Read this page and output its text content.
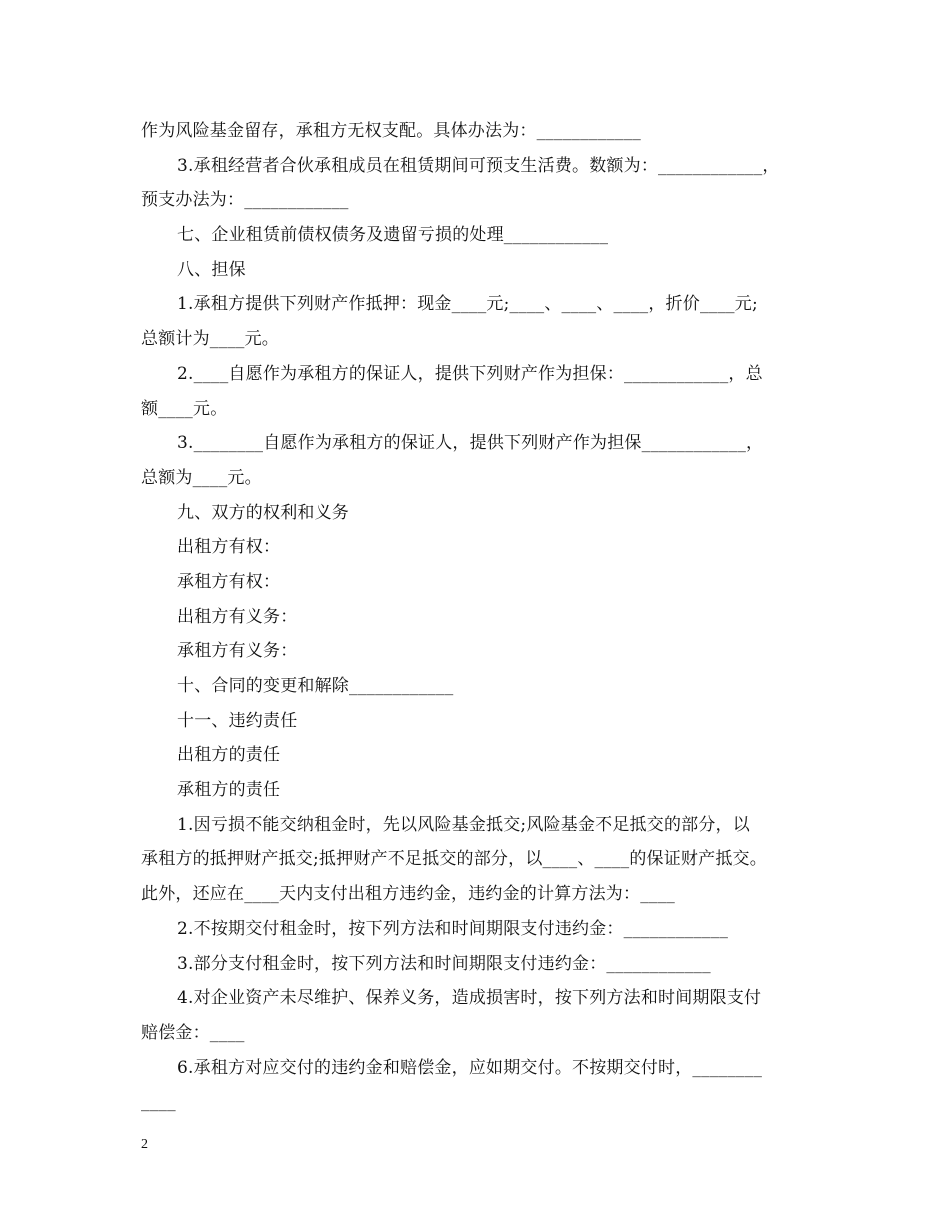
作为风险基金留存，承租方无权支配。具体办法为：____________
3.承租经营者合伙承租成员在租赁期间可预支生活费。数额为：____________，
预支办法为：____________
七、企业租赁前债权债务及遗留亏损的处理____________
八、担保
1.承租方提供下列财产作抵押：现金____元;____、____、____，折价____元;
总额计为____元。
2.____自愿作为承租方的保证人，提供下列财产作为担保：____________，总
额____元。
3.________自愿作为承租方的保证人，提供下列财产作为担保____________，
总额为____元。
九、双方的权利和义务
出租方有权：
承租方有权：
出租方有义务：
承租方有义务：
十、合同的变更和解除____________
十一、违约责任
出租方的责任
承租方的责任
1.因亏损不能交纳租金时，先以风险基金抵交;风险基金不足抵交的部分，以
承租方的抵押财产抵交;抵押财产不足抵交的部分，以____、____的保证财产抵交。
此外，还应在____天内支付出租方违约金，违约金的计算方法为：____
2.不按期交付租金时，按下列方法和时间期限支付违约金：____________
3.部分支付租金时，按下列方法和时间期限支付违约金：____________
4.对企业资产未尽维护、保养义务，造成损害时，按下列方法和时间期限支付
赔偿金：____
6.承租方对应交付的违约金和赔偿金，应如期交付。不按期交付时，________
____
2
